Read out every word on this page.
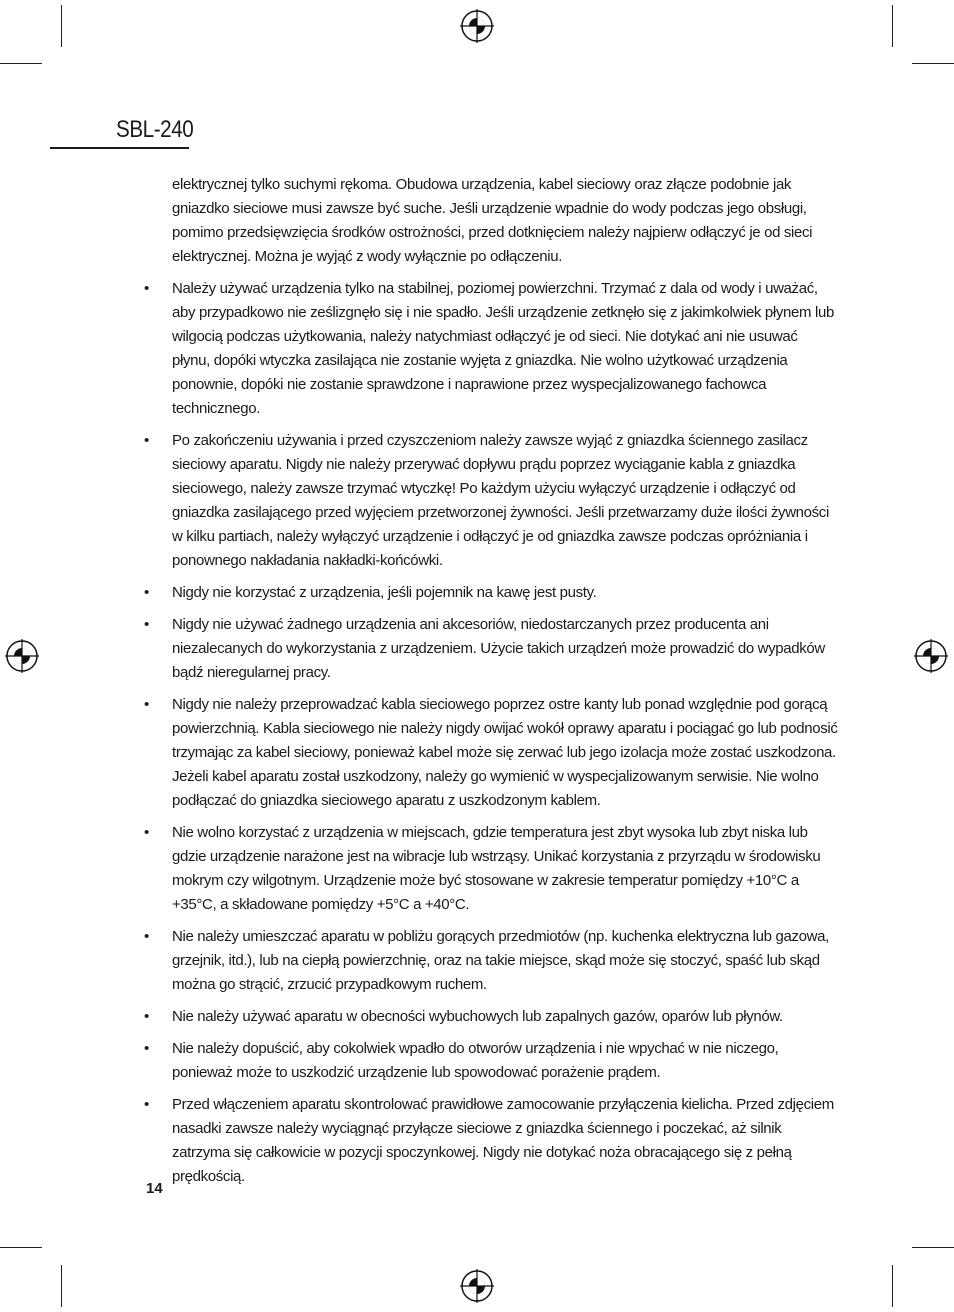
SBL-240

elektrycznej tylko suchymi rękoma. Obudowa urządzenia, kabel sieciowy oraz złącze podobnie jak gniazdko sieciowe musi zawsze być suche. Jeśli urządzenie wpadnie do wody podczas jego obsługi, pomimo przedsięwzięcia środków ostrożności, przed dotknięciem należy najpierw odłączyć je od sieci elektrycznej. Można je wyjąć z wody wyłącznie po odłączeniu.

• Należy używać urządzenia tylko na stabilnej, poziomej powierzchni. Trzymać z dala od wody i uważać, aby przypadkowo nie ześlizgnęło się i nie spadło. Jeśli urządzenie zetknęło się z jakimkolwiek płynem lub wilgocią podczas użytkowania, należy natychmiast odłączyć je od sieci. Nie dotykać ani nie usuwać płynu, dopóki wtyczka zasilająca nie zostanie wyjęta z gniazdka. Nie wolno użytkować urządzenia ponownie, dopóki nie zostanie sprawdzone i naprawione przez wyspecjalizowanego fachowca technicznego.
• Po zakończeniu używania i przed czyszczeniom należy zawsze wyjąć z gniazdka ściennego zasilacz sieciowy aparatu. Nigdy nie należy przerywać dopływu prądu poprzez wyciąganie kabla z gniazdka sieciowego, należy zawsze trzymać wtyczkę! Po każdym użyciu wyłączyć urządzenie i odłączyć od gniazdka zasilającego przed wyjęciem przetworzonej żywności. Jeśli przetwarzamy duże ilości żywności w kilku partiach, należy wyłączyć urządzenie i odłączyć je od gniazdka zawsze podczas opróżniania i ponownego nakładania nakładki-końcówki.
• Nigdy nie korzystać z urządzenia, jeśli pojemnik na kawę jest pusty.
• Nigdy nie używać żadnego urządzenia ani akcesoriów, niedostarczanych przez producenta ani niezalecanych do wykorzystania z urządzeniem. Użycie takich urządzeń może prowadzić do wypadków bądź nieregularnej pracy.
• Nigdy nie należy przeprowadzać kabla sieciowego poprzez ostre kanty lub ponad względnie pod gorącą powierzchnią. Kabla sieciowego nie należy nigdy owijać wokół oprawy aparatu i pociągać go lub podnosić trzymając za kabel sieciowy, ponieważ kabel może się zerwać lub jego izolacja może zostać uszkodzona. Jeżeli kabel aparatu został uszkodzony, należy go wymienić w wyspecjalizowanym serwisie. Nie wolno podłączać do gniazdka sieciowego aparatu z uszkodzonym kablem.
• Nie wolno korzystać z urządzenia w miejscach, gdzie temperatura jest zbyt wysoka lub zbyt niska lub gdzie urządzenie narażone jest na wibracje lub wstrząsy. Unikać korzystania z przyrządu w środowisku mokrym czy wilgotnym. Urządzenie może być stosowane w zakresie temperatur pomiędzy +10°C a +35°C, a składowane pomiędzy +5°C a +40°C.
• Nie należy umieszczać aparatu w pobliżu gorących przedmiotów (np. kuchenka elektryczna lub gazowa, grzejnik, itd.), lub na ciepłą powierzchnię, oraz na takie miejsce, skąd może się stoczyć, spaść lub skąd można go strącić, zrzucić przypadkowym ruchem.
• Nie należy używać aparatu w obecności wybuchowych lub zapalnych gazów, oparów lub płynów.
• Nie należy dopuścić, aby cokolwiek wpadło do otworów urządzenia i nie wpychać w nie niczego, ponieważ może to uszkodzić urządzenie lub spowodować porażenie prądem.
• Przed włączeniem aparatu skontrolować prawidłowe zamocowanie przyłączenia kielicha. Przed zdjęciem nasadki zawsze należy wyciągnąć przyłącze sieciowe z gniazdka ściennego i poczekać, aż silnik zatrzyma się całkowicie w pozycji spoczynkowej. Nigdy nie dotykać noża obracającego się z pełną prędkością.
14
